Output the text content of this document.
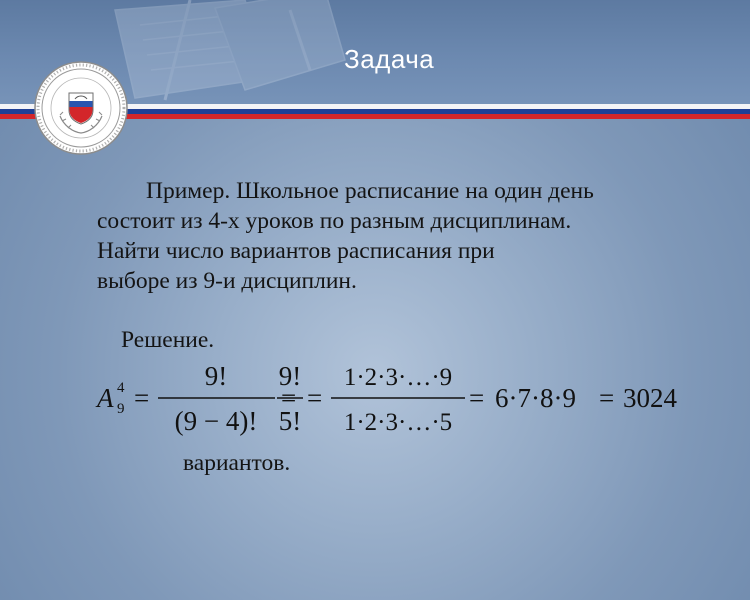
Задача
Пример. Школьное расписание на один день
состоит из 4-х уроков по разным дисциплинам.
Найти число вариантов расписания при
выборе из 9-и дисциплин.
Решение.
A 4
9 =
9!
(9 − 4)!
=
9!
5!
=
1·2·3·…·9
1·2·3·…·5
= 6·7·8·9 = 3024
вариантов.
